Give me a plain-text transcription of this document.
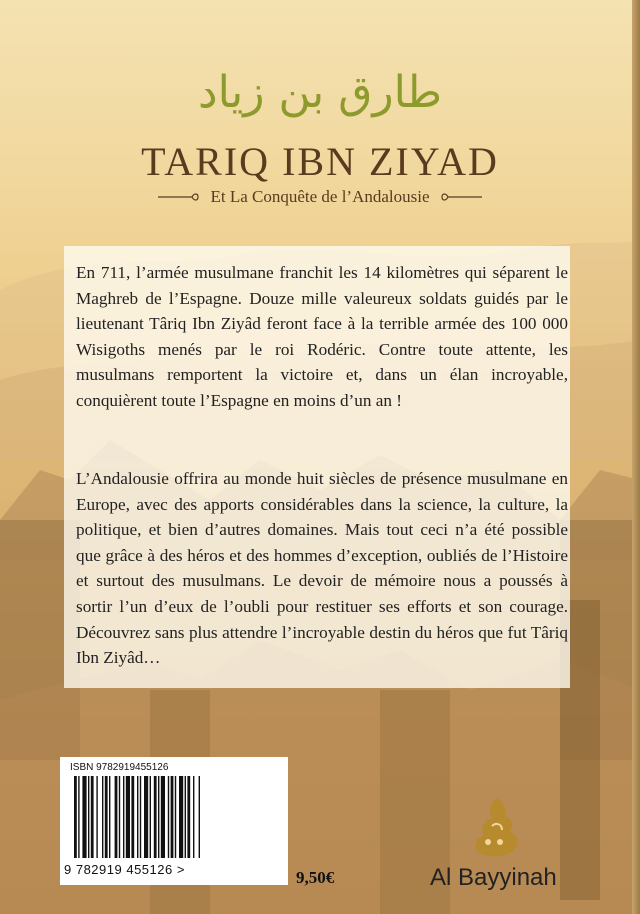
طارق بن زياد
TARIQ IBN ZIYAD
Et La Conquête de l’Andalousie

En 711, l’armée musulmane franchit les 14 kilomètres qui séparent le Maghreb de l’Espagne. Douze mille valeureux soldats guidés par le lieutenant Târiq Ibn Ziyâd feront face à la terrible armée des 100 000 Wisigoths menés par le roi Rodéric. Contre toute attente, les musulmans remportent la victoire et, dans un élan incroyable, conquièrent toute l’Espagne en moins d’un an !

L’Andalousie offrira au monde huit siècles de présence musulmane en Europe, avec des apports considérables dans la science, la culture, la politique, et bien d’autres domaines. Mais tout ceci n’a été possible que grâce à des héros et des hommes d’exception, oubliés de l’Histoire et surtout des musulmans. Le devoir de mémoire nous a poussés à sortir l’un d’eux de l’oubli pour restituer ses efforts et son courage. Découvrez sans plus attendre l’incroyable destin du héros que fut Târiq Ibn Ziyâd…

ISBN 9782919455126
9 782919 455126 >	9,50€	Al Bayyinah
